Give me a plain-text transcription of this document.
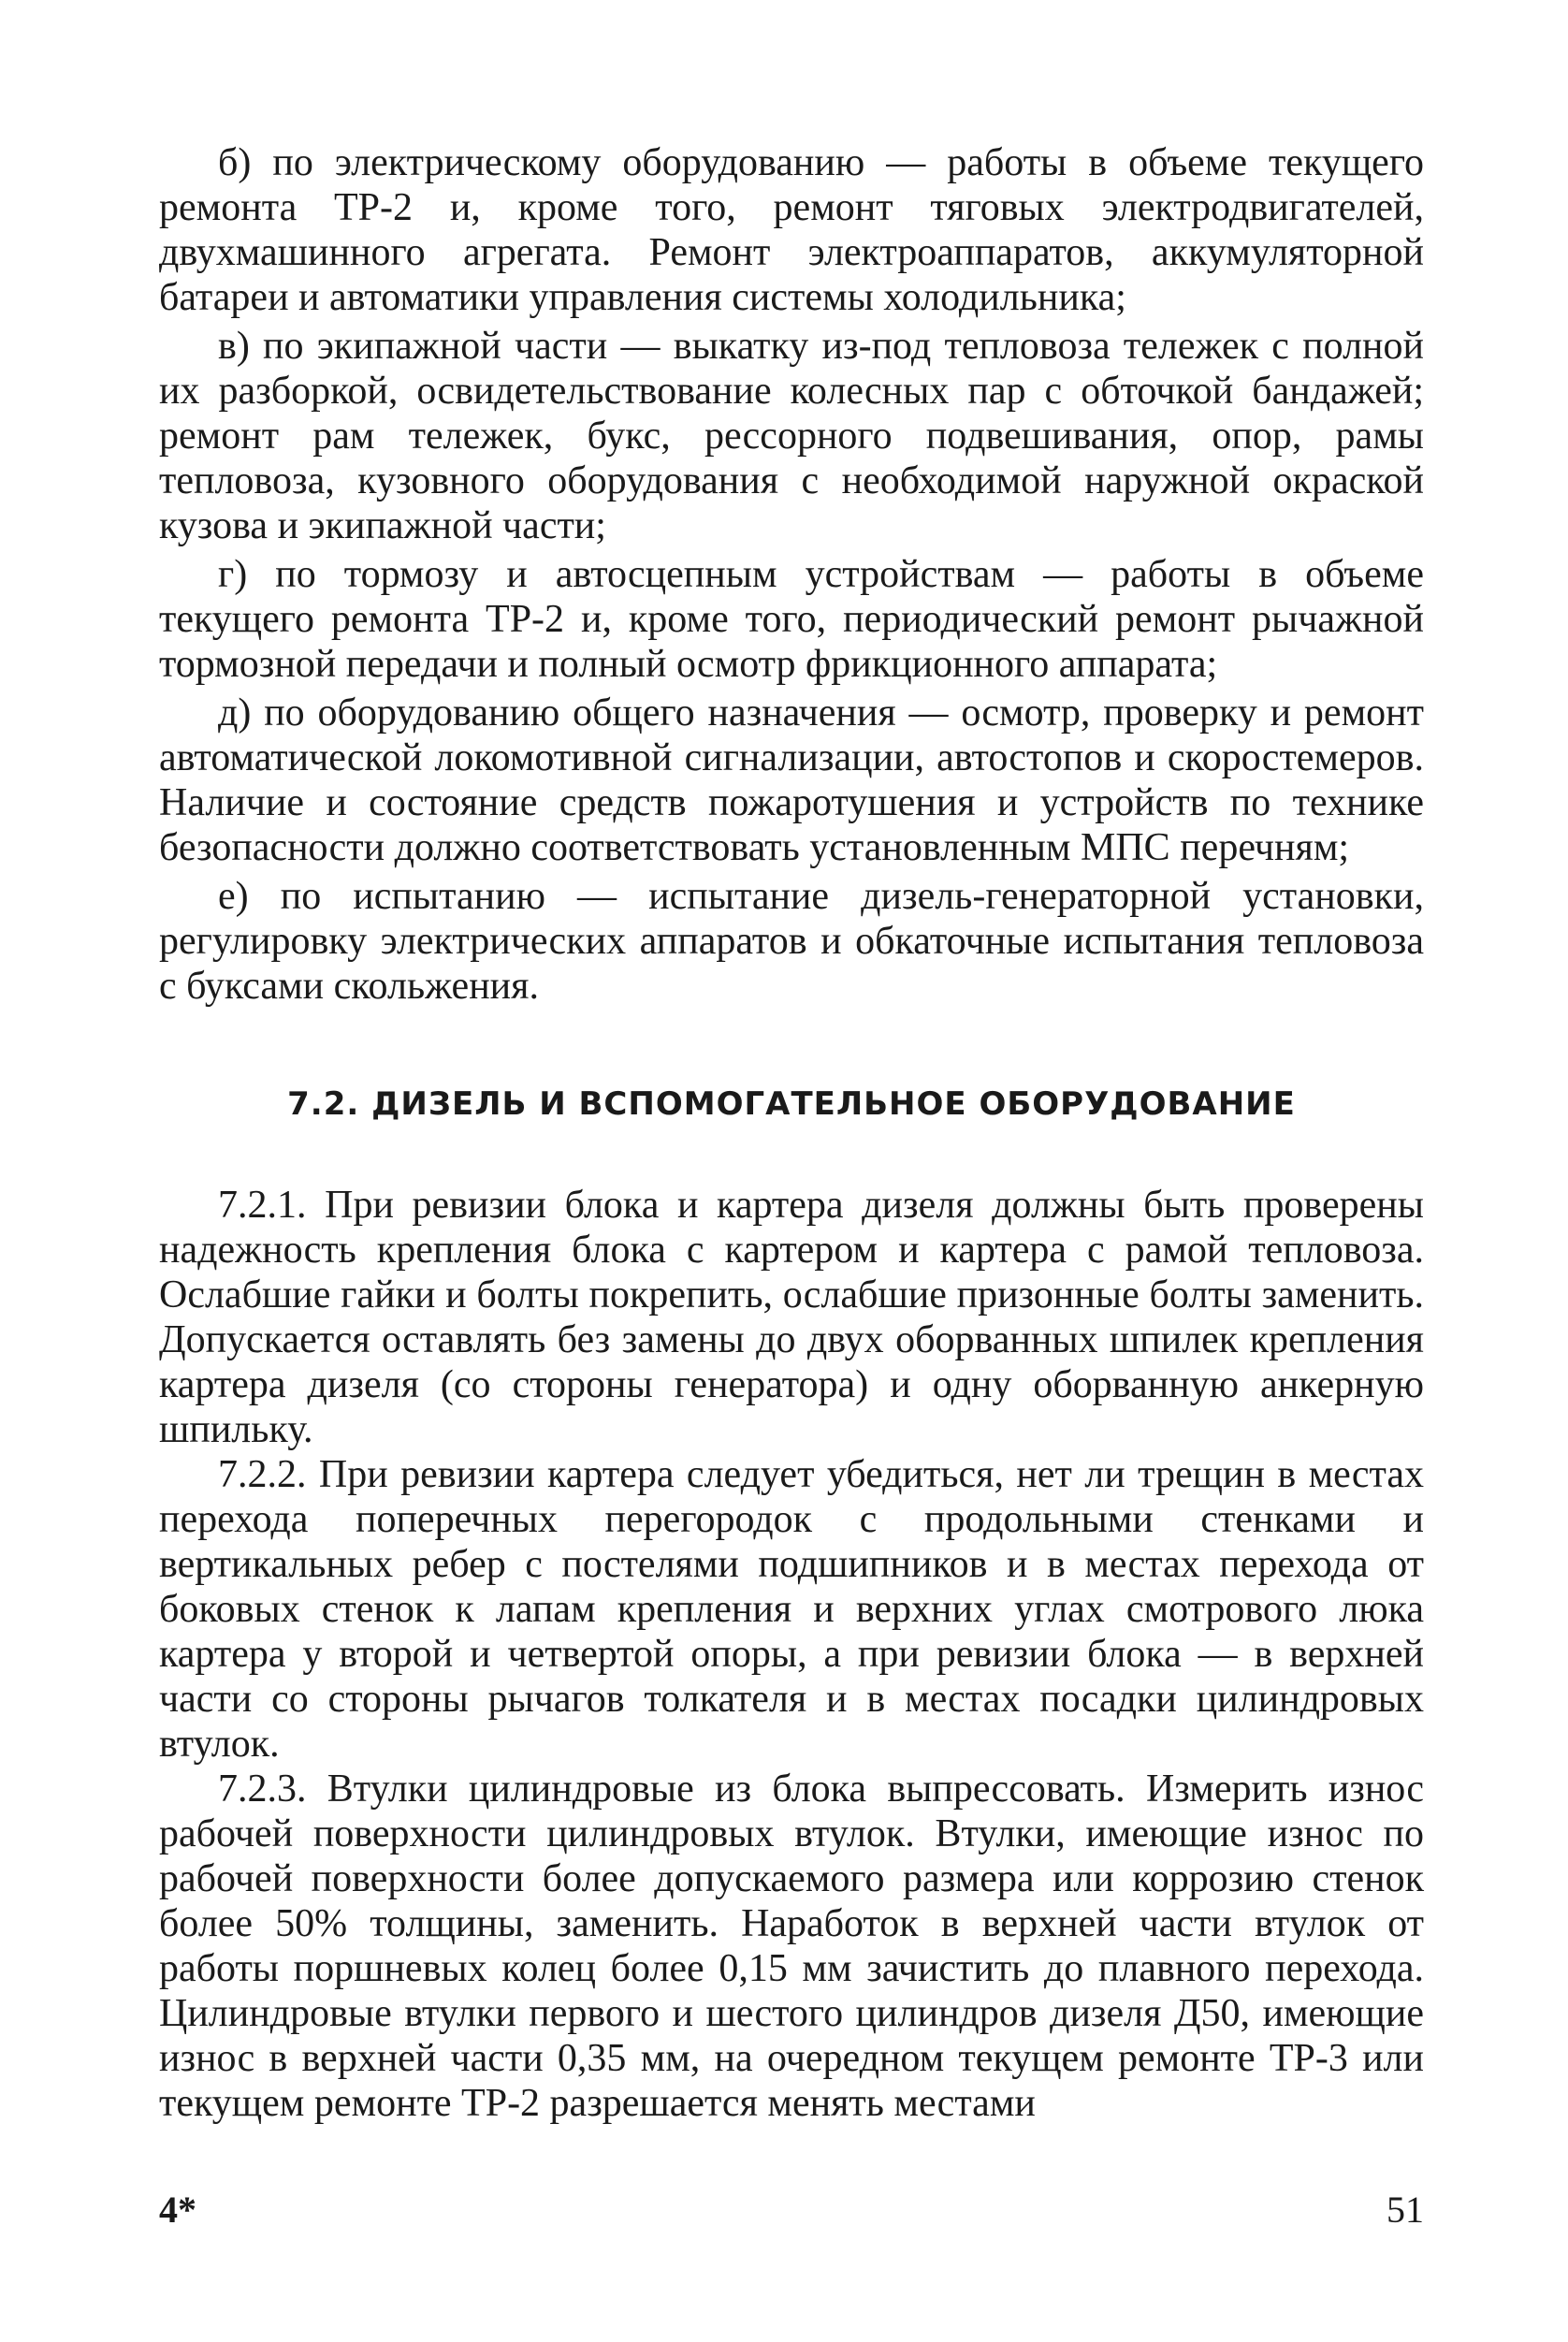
б) по электрическому оборудованию — работы в объеме текущего ремонта ТР-2 и, кроме того, ремонт тяговых электродвигателей, двухмашинного агрегата. Ремонт электроаппаратов, аккумуляторной батареи и автоматики управления системы холодильника;

в) по экипажной части — выкатку из-под тепловоза тележек с полной их разборкой, освидетельствование колесных пар с обточкой бандажей; ремонт рам тележек, букс, рессорного подвешивания, опор, рамы тепловоза, кузовного оборудования с необходимой наружной окраской кузова и экипажной части;

г) по тормозу и автосцепным устройствам — работы в объеме текущего ремонта ТР-2 и, кроме того, периодический ремонт рычажной тормозной передачи и полный осмотр фрикционного аппарата;

д) по оборудованию общего назначения — осмотр, проверку и ремонт автоматической локомотивной сигнализации, автостопов и скоростемеров. Наличие и состояние средств пожаротушения и устройств по технике безопасности должно соответствовать установленным МПС перечням;

е) по испытанию — испытание дизель-генераторной установки, регулировку электрических аппаратов и обкаточные испытания тепловоза с буксами скольжения.

7.2. ДИЗЕЛЬ И ВСПОМОГАТЕЛЬНОЕ ОБОРУДОВАНИЕ

7.2.1. При ревизии блока и картера дизеля должны быть проверены надежность крепления блока с картером и картера с рамой тепловоза. Ослабшие гайки и болты покрепить, ослабшие призонные болты заменить. Допускается оставлять без замены до двух оборванных шпилек крепления картера дизеля (со стороны генератора) и одну оборванную анкерную шпильку.

7.2.2. При ревизии картера следует убедиться, нет ли трещин в местах перехода поперечных перегородок с продольными стенками и вертикальных ребер с постелями подшипников и в местах перехода от боковых стенок к лапам крепления и верхних углах смотрового люка картера у второй и четвертой опоры, а при ревизии блока — в верхней части со стороны рычагов толкателя и в местах посадки цилиндровых втулок.

7.2.3. Втулки цилиндровые из блока выпрессовать. Измерить износ рабочей поверхности цилиндровых втулок. Втулки, имеющие износ по рабочей поверхности более допускаемого размера или коррозию стенок более 50% толщины, заменить. Наработок в верхней части втулок от работы поршневых колец более 0,15 мм зачистить до плавного перехода. Цилиндровые втулки первого и шестого цилиндров дизеля Д50, имеющие износ в верхней части 0,35 мм, на очередном текущем ремонте ТР-3 или текущем ремонте ТР-2 разрешается менять местами

4*	51
